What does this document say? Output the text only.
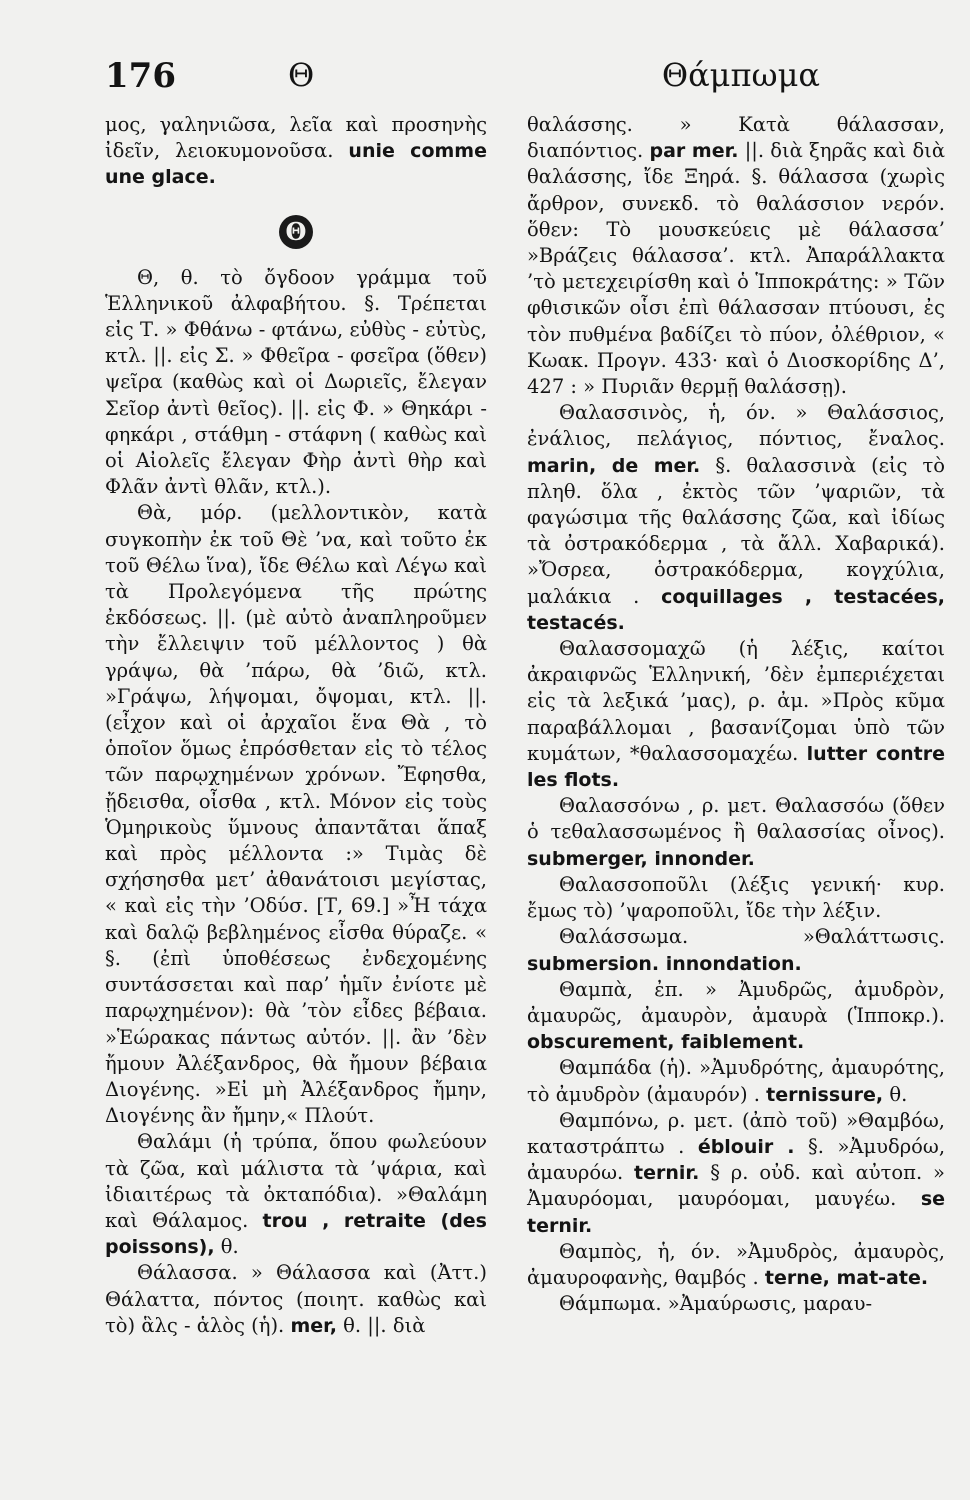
176	Θ	Θάμπωμα

μος, γαληνιῶσα, λεῖα καὶ προσηνὴς ἰδεῖν, λειοκυμονοῦσα. unie comme une glace.

Θ

Θ, θ. τὸ ὄγδοον γράμμα τοῦ Ἑλληνικοῦ ἀλφαβήτου. §. Τρέπεται εἰς Τ. » Φθάνω - φτάνω, εὐθὺς - εὐτὺς, κτλ. ||. εἰς Σ. » Φθεῖρα - φσεῖρα (ὅθεν) ψεῖρα (καθὼς καὶ οἱ Δωριεῖς, ἔλεγαν Σεῖορ ἀντὶ θεῖος). ||. εἰς Φ. » Θηκάρι - φηκάρι , στάθμη - στάφνη ( καθὼς καὶ οἱ Αἰολεῖς ἔλεγαν Φὴρ ἀντὶ θὴρ καὶ Φλᾶν ἀντὶ θλᾶν, κτλ.).

Θὰ, μόρ. (μελλοντικὸν, κατὰ συγκοπὴν ἐκ τοῦ Θὲ ’να, καὶ τοῦτο ἐκ τοῦ Θέλω ἵνα), ἴδε Θέλω καὶ Λέγω καὶ τὰ Προλεγόμενα τῆς πρώτης ἐκδόσεως. ||. (μὲ αὐτὸ ἀναπληροῦμεν τὴν ἔλλειψιν τοῦ μέλλοντος ) θὰ γράψω, θὰ ’πάρω, θὰ ’διῶ, κτλ. »Γράψω, λήψομαι, ὄψομαι, κτλ. ||. (εἶχον καὶ οἱ ἀρχαῖοι ἕνα Θὰ , τὸ ὁποῖον ὅμως ἐπρόσθεταν εἰς τὸ τέλος τῶν παρῳχημένων χρόνων. Ἔφησθα, ᾔδεισθα, οἶσθα , κτλ. Μόνον εἰς τοὺς Ὁμηρικοὺς ὕμνους ἀπαντᾶται ἅπαξ καὶ πρὸς μέλλοντα :» Τιμὰς δὲ σχήσησθα μετ’ ἀθανάτοισι μεγίστας, « καὶ εἰς τὴν ’Οδύσ. [Τ, 69.] »Ἦ τάχα καὶ δαλῷ βεβλημένος εἶσθα θύραζε. « §. (ἐπὶ ὑποθέσεως ἐνδεχομένης συντάσσεται καὶ παρ’ ἡμῖν ἐνίοτε μὲ παρῳχημένον): θὰ ’τὸν εἶδες βέβαια. »Ἑώρακας πάντως αὐτόν. ||. ἂν ’δὲν ἤμουν Ἀλέξανδρος, θὰ ἤμουν βέβαια Διογένης. »Εἰ μὴ Ἀλέξανδρος ἤμην, Διογένης ἂν ἤμην,« Πλούτ.

Θαλάμι (ἡ τρύπα, ὅπου φωλεύουν τὰ ζῶα, καὶ μάλιστα τὰ ’ψάρια, καὶ ἰδιαιτέρως τὰ ὀκταπόδια). »Θαλάμη καὶ Θάλαμος. trou , retraite (des poissons), θ.

Θάλασσα. » Θάλασσα καὶ (Ἀττ.) Θάλαττα, πόντος (ποιητ. καθὼς καὶ τὸ) ἃλς - ἁλὸς (ἡ). mer, θ. ||. διὰ

θαλάσσης. » Κατὰ θάλασσαν, διαπόντιος. par mer. ||. διὰ ξηρᾶς καὶ διὰ θαλάσσης, ἴδε Ξηρά. §. θάλασσα (χωρὶς ἄρθρον, συνεκδ. τὸ θαλάσσιον νερόν. ὅθεν: Τὸ μουσκεύεις μὲ θάλασσα’ »Βράζεις θάλασσα’. κτλ. Ἀπαράλλακτα ’τὸ μετεχειρίσθη καὶ ὁ Ἱπποκράτης: » Τῶν φθισικῶν οἷσι ἐπὶ θάλασσαν πτύουσι, ἐς τὸν πυθμένα βαδίζει τὸ πύον, ὀλέθριον, « Κωακ. Προγν. 433· καὶ ὁ Διοσκορίδης Δ’, 427 : » Πυριᾶν θερμῇ θαλάσσῃ).

Θαλασσινὸς, ἡ, όν. » Θαλάσσιος, ἐνάλιος, πελάγιος, πόντιος, ἔναλος. marin, de mer. §. θαλασσινὰ (εἰς τὸ πληθ. ὅλα , ἐκτὸς τῶν ’ψαριῶν, τὰ φαγώσιμα τῆς θαλάσσης ζῶα, καὶ ἰδίως τὰ ὀστρακόδερμα , τὰ ἄλλ. Χαβαρικά). »Ὄσρεα, ὀστρακόδερμα, κογχύλια, μαλάκια . coquillages , testacées, testacés.

Θαλασσομαχῶ (ἡ λέξις, καίτοι ἀκραιφνῶς Ἑλληνική, ’δὲν ἐμπεριέχεται εἰς τὰ λεξικά ’μας), ρ. ἀμ. »Πρὸς κῦμα παραβάλλομαι , βασανίζομαι ὑπὸ τῶν κυμάτων, *θαλασσομαχέω. lutter contre les flots.

Θαλασσόνω , ρ. μετ. Θαλασσόω (ὅθεν ὁ τεθαλασσωμένος ἢ θαλασσίας οἶνος). submerger, innonder.

Θαλασσοποῦλι (λέξις γενική· κυρ. ἔμως τὸ) ’ψαροποῦλι, ἴδε τὴν λέξιν.

Θαλάσσωμα. »Θαλάττωσις. submersion. innondation.

Θαμπὰ, ἐπ. » Ἀμυδρῶς, ἀμυδρὸν, ἀμαυρῶς, ἀμαυρὸν, ἀμαυρὰ (Ἱπποκρ.). obscurement, faiblement.

Θαμπάδα (ἡ). »Ἀμυδρότης, ἀμαυρότης, τὸ ἀμυδρὸν (ἀμαυρόν) . ternissure, θ.

Θαμπόνω, ρ. μετ. (ἀπὸ τοῦ) »Θαμβόω, καταστράπτω . éblouir . §. »Ἀμυδρόω, ἀμαυρόω. ternir. § ρ. οὐδ. καὶ αὐτοπ. » Ἀμαυρόομαι, μαυρόομαι, μαυγέω. se ternir.

Θαμπὸς, ἡ, όν. »Ἀμυδρὸς, ἀμαυρὸς, ἀμαυροφανὴς, θαμβός . terne, mat-ate.

Θάμπωμα. »Ἀμαύρωσις, μαραυ-
